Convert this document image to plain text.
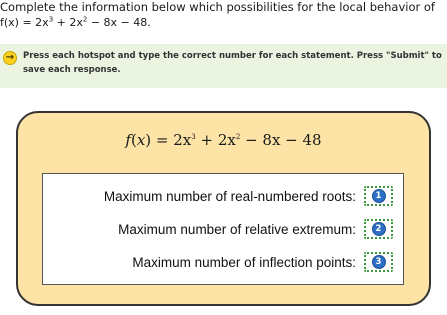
Complete the information below which possibilities for the local behavior of
$f(x) = 2x^3 + 2x^2 - 8x - 48$.
→ Press each hotspot and type the correct number for each statement. Press "Submit" to save each response.
$f(x) = 2x^3 + 2x^2 - 8x - 48$
Maximum number of real-numbered roots:	1
Maximum number of relative extremum:	2
Maximum number of inflection points:	3
